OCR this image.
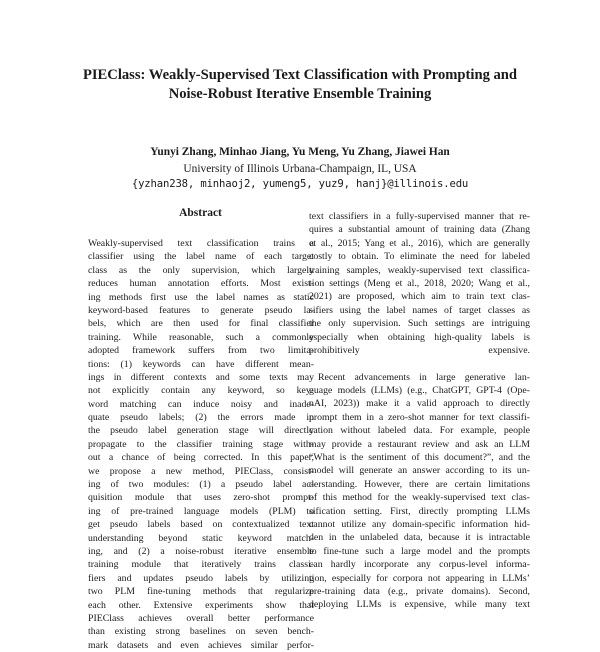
PIEClass: Weakly-Supervised Text Classification with Prompting and
Noise-Robust Iterative Ensemble Training
Yunyi Zhang, Minhao Jiang, Yu Meng, Yu Zhang, Jiawei Han
University of Illinois Urbana-Champaign, IL, USA
{yzhan238, minhaoj2, yumeng5, yuz9, hanj}@illinois.edu
Abstract
Weakly-supervised text classification trains a
classifier using the label name of each target
class as the only supervision, which largely
reduces human annotation efforts. Most exist-
ing methods first use the label names as static
keyword-based features to generate pseudo la-
bels, which are then used for final classifier
training. While reasonable, such a commonly
adopted framework suffers from two limita-
tions: (1) keywords can have different mean-
ings in different contexts and some texts may
not explicitly contain any keyword, so key-
word matching can induce noisy and inade-
quate pseudo labels; (2) the errors made in
the pseudo label generation stage will directly
propagate to the classifier training stage with-
out a chance of being corrected. In this paper,
we propose a new method, PIEClass, consist-
ing of two modules: (1) a pseudo label ac-
quisition module that uses zero-shot prompt-
ing of pre-trained language models (PLM) to
get pseudo labels based on contextualized text
understanding beyond static keyword match-
ing, and (2) a noise-robust iterative ensemble
training module that iteratively trains classi-
fiers and updates pseudo labels by utilizing
two PLM fine-tuning methods that regularize
each other. Extensive experiments show that
PIEClass achieves overall better performance
than existing strong baselines on seven bench-
mark datasets and even achieves similar perfor-
text classifiers in a fully-supervised manner that re-
quires a substantial amount of training data (Zhang
et al., 2015; Yang et al., 2016), which are generally
costly to obtain. To eliminate the need for labeled
training samples, weakly-supervised text classifica-
tion settings (Meng et al., 2018, 2020; Wang et al.,
2021) are proposed, which aim to train text clas-
sifiers using the label names of target classes as
the only supervision. Such settings are intriguing
especially when obtaining high-quality labels is
prohibitively expensive.
Recent advancements in large generative lan-
guage models (LLMs) (e.g., ChatGPT, GPT-4 (Ope-
nAI, 2023)) make it a valid approach to directly
prompt them in a zero-shot manner for text classifi-
cation without labeled data. For example, people
may provide a restaurant review and ask an LLM
“What is the sentiment of this document?”, and the
model will generate an answer according to its un-
derstanding. However, there are certain limitations
of this method for the weakly-supervised text clas-
sification setting. First, directly prompting LLMs
cannot utilize any domain-specific information hid-
den in the unlabeled data, because it is intractable
to fine-tune such a large model and the prompts
can hardly incorporate any corpus-level informa-
tion, especially for corpora not appearing in LLMs’
pre-training data (e.g., private domains). Second,
deploying LLMs is expensive, while many text
